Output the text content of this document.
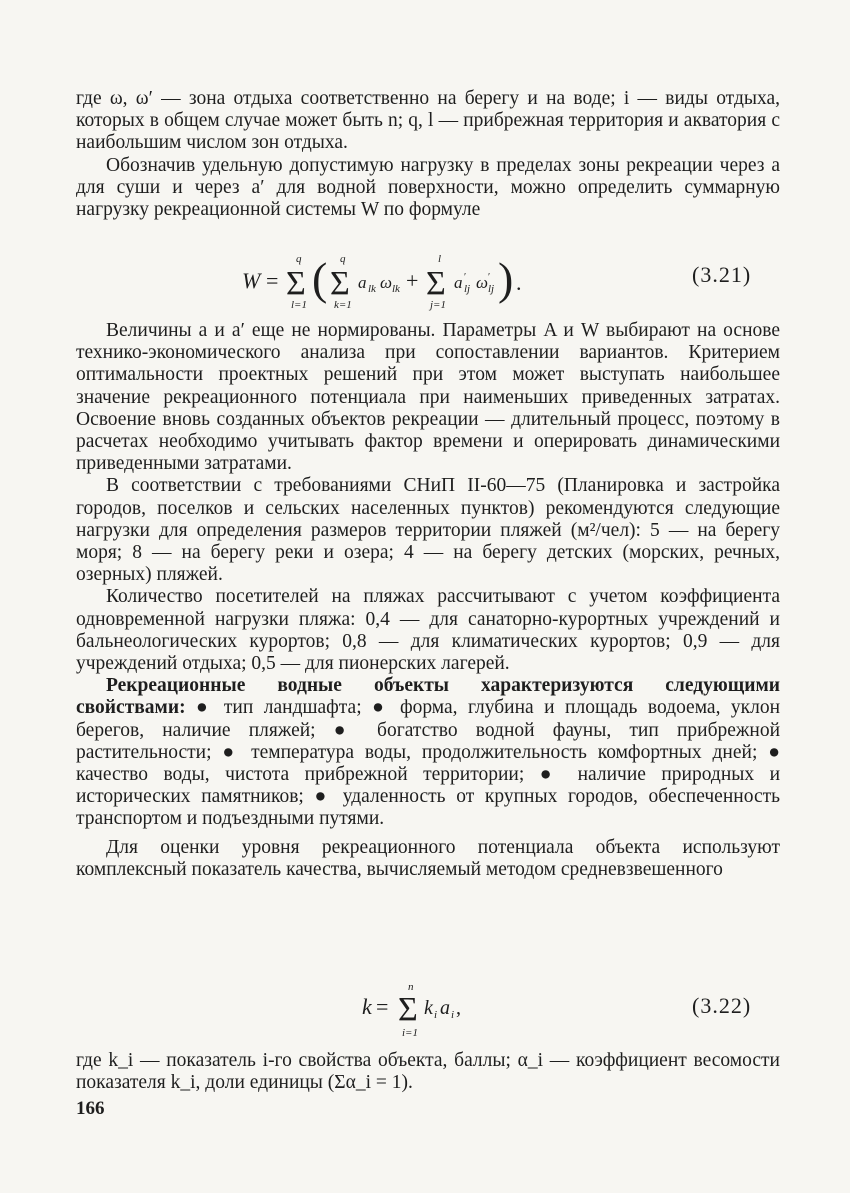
где ω, ω′ — зона отдыха соответственно на берегу и на воде; i — виды отдыха, которых в общем случае может быть n; q, l — прибрежная территория и акватория с наибольшим числом зон отдыха.

Обозначив удельную допустимую нагрузку в пределах зоны рекреации через a для суши и через a′ для водной поверхности, можно определить суммарную нагрузку рекреационной системы W по формуле

W = Σ
q
l=1
( Σ
q
k=1
a lk ω lk + Σ
l
j=1
a ′
lj ω ′
lj ) .	(3.21)

Величины a и a′ еще не нормированы. Параметры A и W выбирают на основе технико-экономического анализа при сопоставлении вариантов. Критерием оптимальности проектных решений при этом может выступать наибольшее значение рекреационного потенциала при наименьших приведенных затратах. Освоение вновь созданных объектов рекреации — длительный процесс, поэтому в расчетах необходимо учитывать фактор времени и оперировать динамическими приведенными затратами.

В соответствии с требованиями СНиП II-60—75 (Планировка и застройка городов, поселков и сельских населенных пунктов) рекомендуются следующие нагрузки для определения размеров территории пляжей (м²/чел): 5 — на берегу моря; 8 — на берегу реки и озера; 4 — на берегу детских (морских, речных, озерных) пляжей.

Количество посетителей на пляжах рассчитывают с учетом коэффициента одновременной нагрузки пляжа: 0,4 — для санаторно-курортных учреждений и бальнеологических курортов; 0,8 — для климатических курортов; 0,9 — для учреждений отдыха; 0,5 — для пионерских лагерей.

Рекреационные водные объекты характеризуются следующими свойствами: ● тип ландшафта; ● форма, глубина и площадь водоема, уклон берегов, наличие пляжей; ● богатство водной фауны, тип прибрежной растительности; ● температура воды, продолжительность комфортных дней; ● качество воды, чистота прибрежной территории; ● наличие природных и исторических памятников; ● удаленность от крупных городов, обеспеченность транспортом и подъездными путями.

Для оценки уровня рекреационного потенциала объекта используют комплексный показатель качества, вычисляемый методом средневзвешенного

k = Σ
n
i=1
k i a i ,	(3.22)

где k_i — показатель i-го свойства объекта, баллы; α_i — коэффициент весомости показателя k_i, доли единицы (Σα_i = 1).

166
